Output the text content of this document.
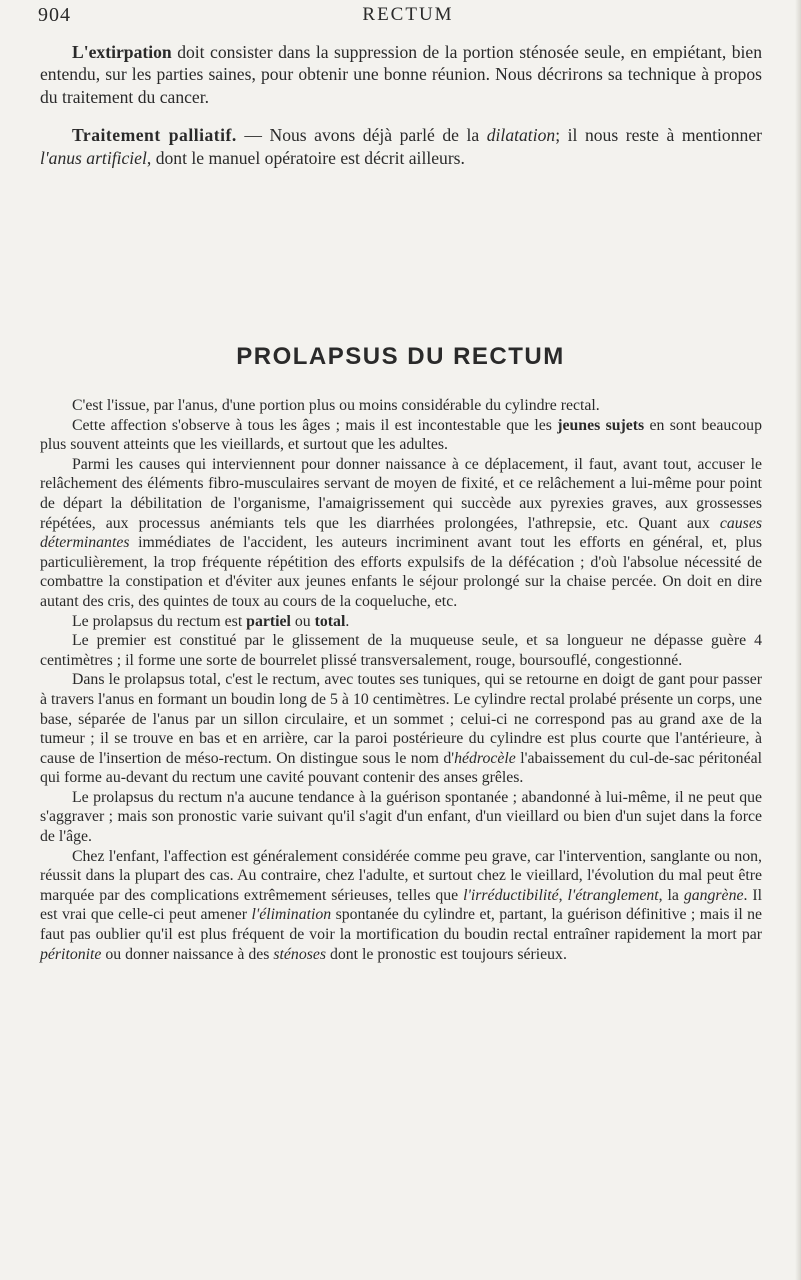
904	RECTUM

L'extirpation doit consister dans la suppression de la portion sténosée seule, en empiétant, bien entendu, sur les parties saines, pour obtenir une bonne réunion. Nous décrirons sa technique à propos du traitement du cancer.

Traitement palliatif. — Nous avons déjà parlé de la dilatation; il nous reste à mentionner l'anus artificiel, dont le manuel opératoire est décrit ailleurs.

PROLAPSUS DU RECTUM

C'est l'issue, par l'anus, d'une portion plus ou moins considérable du cylindre rectal.

Cette affection s'observe à tous les âges ; mais il est incontestable que les jeunes sujets en sont beaucoup plus souvent atteints que les vieillards, et surtout que les adultes.

Parmi les causes qui interviennent pour donner naissance à ce déplacement, il faut, avant tout, accuser le relâchement des éléments fibro-musculaires servant de moyen de fixité, et ce relâchement a lui-même pour point de départ la débilitation de l'organisme, l'amaigrissement qui succède aux pyrexies graves, aux grossesses répétées, aux processus anémiants tels que les diarrhées prolongées, l'athrepsie, etc. Quant aux causes déterminantes immédiates de l'accident, les auteurs incriminent avant tout les efforts en général, et, plus particulièrement, la trop fréquente répétition des efforts expulsifs de la défécation ; d'où l'absolue nécessité de combattre la constipation et d'éviter aux jeunes enfants le séjour prolongé sur la chaise percée. On doit en dire autant des cris, des quintes de toux au cours de la coqueluche, etc.

Le prolapsus du rectum est partiel ou total.

Le premier est constitué par le glissement de la muqueuse seule, et sa longueur ne dépasse guère 4 centimètres ; il forme une sorte de bourrelet plissé transversalement, rouge, boursouflé, congestionné.

Dans le prolapsus total, c'est le rectum, avec toutes ses tuniques, qui se retourne en doigt de gant pour passer à travers l'anus en formant un boudin long de 5 à 10 centimètres. Le cylindre rectal prolabé présente un corps, une base, séparée de l'anus par un sillon circulaire, et un sommet ; celui-ci ne correspond pas au grand axe de la tumeur ; il se trouve en bas et en arrière, car la paroi postérieure du cylindre est plus courte que l'antérieure, à cause de l'insertion de méso-rectum. On distingue sous le nom d'hédrocèle l'abaissement du cul-de-sac péritonéal qui forme au-devant du rectum une cavité pouvant contenir des anses grêles.

Le prolapsus du rectum n'a aucune tendance à la guérison spontanée ; abandonné à lui-même, il ne peut que s'aggraver ; mais son pronostic varie suivant qu'il s'agit d'un enfant, d'un vieillard ou bien d'un sujet dans la force de l'âge.

Chez l'enfant, l'affection est généralement considérée comme peu grave, car l'intervention, sanglante ou non, réussit dans la plupart des cas. Au contraire, chez l'adulte, et surtout chez le vieillard, l'évolution du mal peut être marquée par des complications extrêmement sérieuses, telles que l'irréductibilité, l'étranglement, la gangrène. Il est vrai que celle-ci peut amener l'élimination spontanée du cylindre et, partant, la guérison définitive ; mais il ne faut pas oublier qu'il est plus fréquent de voir la mortification du boudin rectal entraîner rapidement la mort par péritonite ou donner naissance à des sténoses dont le pronostic est toujours sérieux.
